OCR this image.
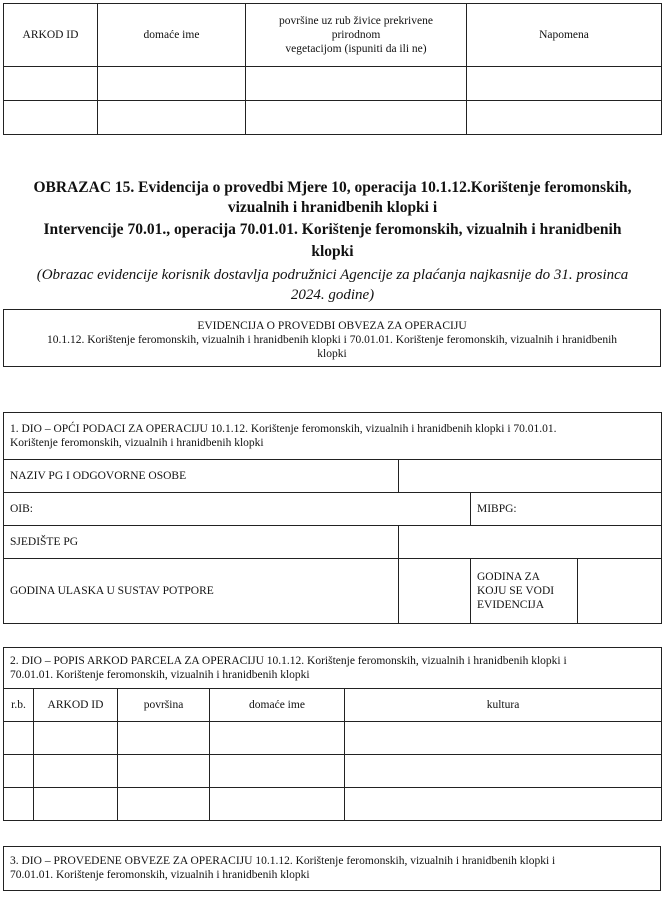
ARKOD ID	domaće ime	površine uz rub živice prekrivene
prirodnom
vegetacijom (ispuniti da ili ne)	Napomena

OBRAZAC 15. Evidencija o provedbi Mjere 10, operacija 10.1.12.Korištenje feromonskih,
vizualnih i hranidbenih klopki i
Intervencije 70.01., operacija 70.01.01. Korištenje feromonskih, vizualnih i hranidbenih
klopki
(Obrazac evidencije korisnik dostavlja podružnici Agencije za plaćanja najkasnije do 31. prosinca
2024. godine)
EVIDENCIJA O PROVEDBI OBVEZA ZA OPERACIJU
10.1.12. Korištenje feromonskih, vizualnih i hranidbenih klopki i 70.01.01. Korištenje feromonskih, vizualnih i hranidbenih
klopki
1. DIO – OPĆI PODACI ZA OPERACIJU 10.1.12. Korištenje feromonskih, vizualnih i hranidbenih klopki i 70.01.01.
Korištenje feromonskih, vizualnih i hranidbenih klopki			

NAZIV PG I ODGOVORNE OSOBE			
OIB:		MIBPG:	
SJEDIŠTE PG			
GODINA ULASKA U SUSTAV POTPORE		GODINA ZA
KOJU SE VODI
EVIDENCIJA	

2. DIO – POPIS ARKOD PARCELA ZA OPERACIJU 10.1.12. Korištenje feromonskih, vizualnih i hranidbenih klopki i
70.01.01. Korištenje feromonskih, vizualnih i hranidbenih klopki				

r.b.	ARKOD ID	površina	domaće ime	kultura

3. DIO – PROVEDENE OBVEZE ZA OPERACIJU 10.1.12. Korištenje feromonskih, vizualnih i hranidbenih klopki i
70.01.01. Korištenje feromonskih, vizualnih i hranidbenih klopki
